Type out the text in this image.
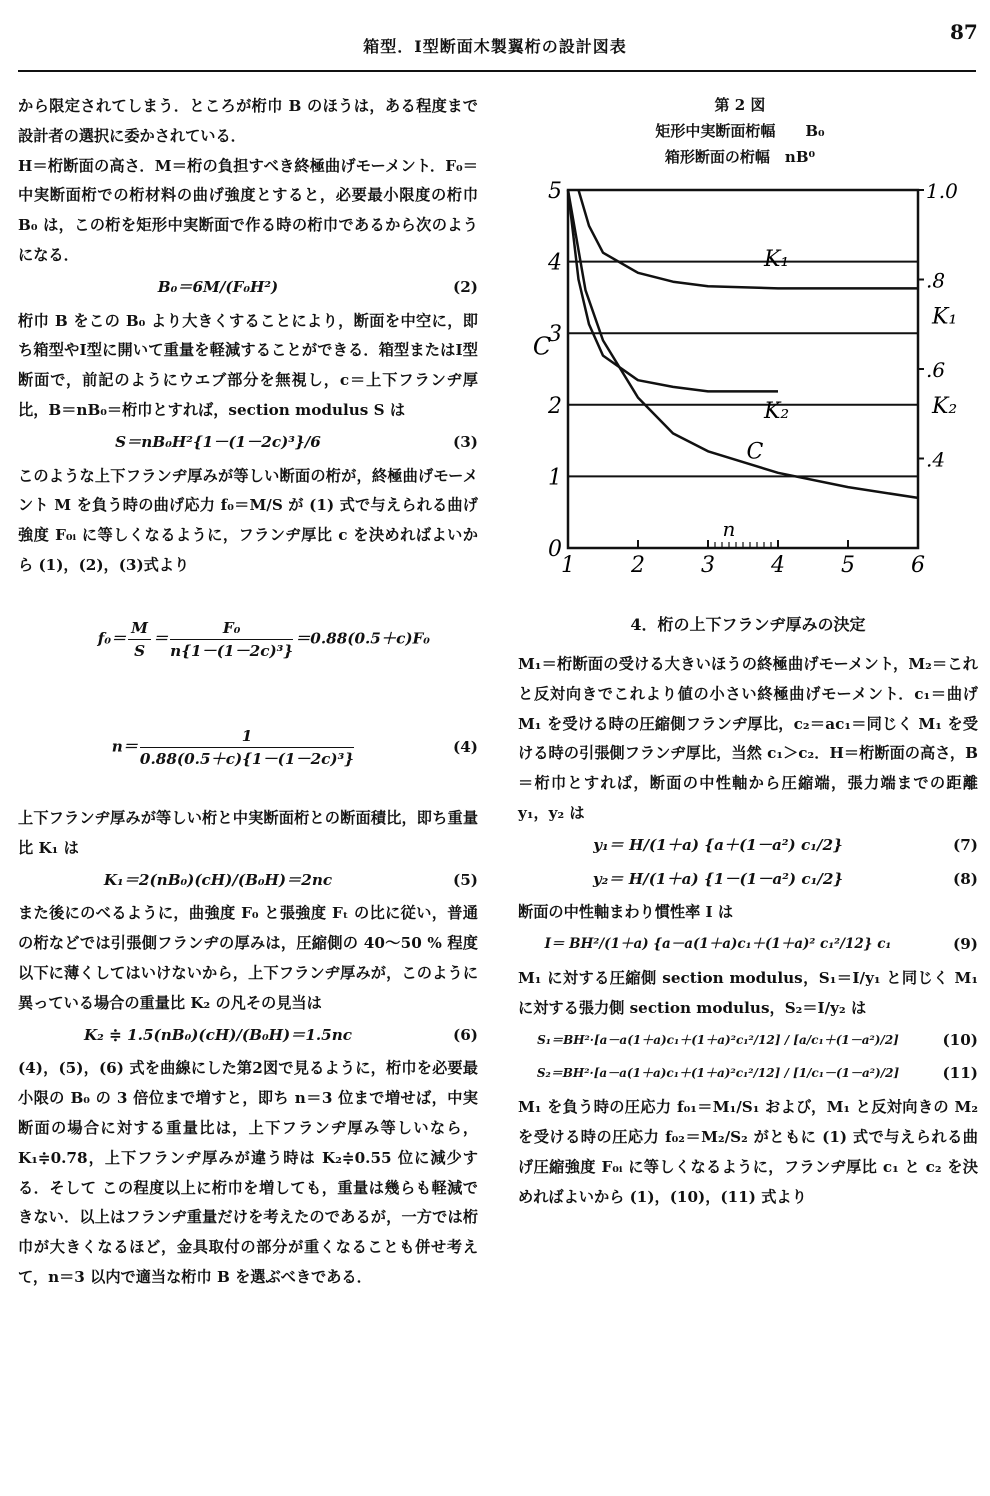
87
箱型．Ⅰ型断面木製翼桁の設計図表

から限定されてしまう．ところが桁巾 B のほうは，ある程度まで設計者の選択に委かされている．

H＝桁断面の高さ．M＝桁の負担すべき終極曲げモーメント．F₀＝中実断面桁での桁材料の曲げ強度とすると，必要最小限度の桁巾 B₀ は，この桁を矩形中実断面で作る時の桁巾であるから次のようになる．

B₀＝6M/(F₀H²)	(2)

桁巾 B をこの B₀ より大きくすることにより，断面を中空に，即ち箱型やⅠ型に開いて重量を軽減することができる．箱型またはⅠ型断面で，前記のようにウエブ部分を無視し，c＝上下フランヂ厚比，B＝nB₀＝桁巾とすれば，section modulus S は

S＝nB₀H²{1－(1－2c)³}/6	(3)

このような上下フランヂ厚みが等しい断面の桁が，終極曲げモーメント M を負う時の曲げ応力 f₀＝M/S が (1) 式で与えられる曲げ強度 F₀ᵢ に等しくなるように，フランヂ厚比 c を決めればよいから (1)，(2)，(3)式より

$f_0= \frac{M}{S} = \frac{\text{F₀}}{\text{n\{1－(1－2c)³\}}} =0.88(0.5+c)F_0$

$n= \frac{1}{\text{0.88(0.5＋c)\{1－(1－2c)³\}}}$

	(4)

上下フランヂ厚みが等しい桁と中実断面桁との断面積比，即ち重量比 K₁ は

K₁＝2(nB₀)(cH)/(B₀H)＝2nc	(5)

また後にのべるように，曲強度 F₀ と張強度 Fₜ の比に従い，普通の桁などでは引張側フランヂの厚みは，圧縮側の 40～50 % 程度以下に薄くしてはいけないから，上下フランヂ厚みが，このように異っている場合の重量比 K₂ の凡その見当は

K₂ ≑ 1.5(nB₀)(cH)/(B₀H)＝1.5nc	(6)

(4)，(5)，(6) 式を曲線にした第2図で見るように，桁巾を必要最小限の B₀ の 3 倍位まで増すと，即ち n＝3 位まで増せば，中実断面の場合に対する重量比は，上下フランヂ厚み等しいなら，K₁≑0.78，上下フランヂ厚みが違う時は K₂≑0.55 位に減少する．そして この程度以上に桁巾を増しても，重量は幾らも軽減できない．以上はフランヂ重量だけを考えたのであるが，一方では桁巾が大きくなるほど，金具取付の部分が重くなることも併せ考えて，n＝3 以内で適当な桁巾 B を選ぶべきである．

第 2 図
矩形中実断面桁幅　　B₀
箱形断面の桁幅　nB⁰
1	2	3	4	5	6
0
1
2
3
4
5
.4
.6
.8
1.0
C
K₁
K₂
n
K₁
K₂
C
4．桁の上下フランヂ厚みの決定

M₁＝桁断面の受ける大きいほうの終極曲げモーメント，M₂＝これと反対向きでこれより値の小さい終極曲げモーメント．c₁＝曲げ M₁ を受ける時の圧縮側フランヂ厚比，c₂＝ac₁＝同じく M₁ を受ける時の引張側フランヂ厚比，当然 c₁＞c₂．H＝桁断面の高さ，B＝桁巾とすれば，断面の中性軸から圧縮端，張力端までの距離 y₁，y₂ は

y₁＝ H/(1＋a) {a＋(1－a²) c₁/2}	(7)
y₂＝ H/(1＋a) {1－(1－a²) c₁/2}	(8)

断面の中性軸まわり慣性率 I は

I＝ BH²/(1＋a) {a－a(1＋a)c₁＋(1＋a)² c₁²/12} c₁	(9)

M₁ に対する圧縮側 section modulus，S₁＝I/y₁ と同じく M₁ に対する張力側 section modulus，S₂＝I/y₂ は

S₁＝BH²·[a－a(1＋a)c₁＋(1＋a)²c₁²/12] / [a/c₁＋(1－a²)/2]	(10)
S₂＝BH²·[a－a(1＋a)c₁＋(1＋a)²c₁²/12] / [1/c₁－(1－a²)/2]	(11)

M₁ を負う時の圧応力 f₀₁＝M₁/S₁ および，M₁ と反対向きの M₂ を受ける時の圧応力 f₀₂＝M₂/S₂ がともに (1) 式で与えられる曲げ圧縮強度 F₀ᵢ に等しくなるように，フランヂ厚比 c₁ と c₂ を決めればよいから (1)，(10)，(11) 式より
